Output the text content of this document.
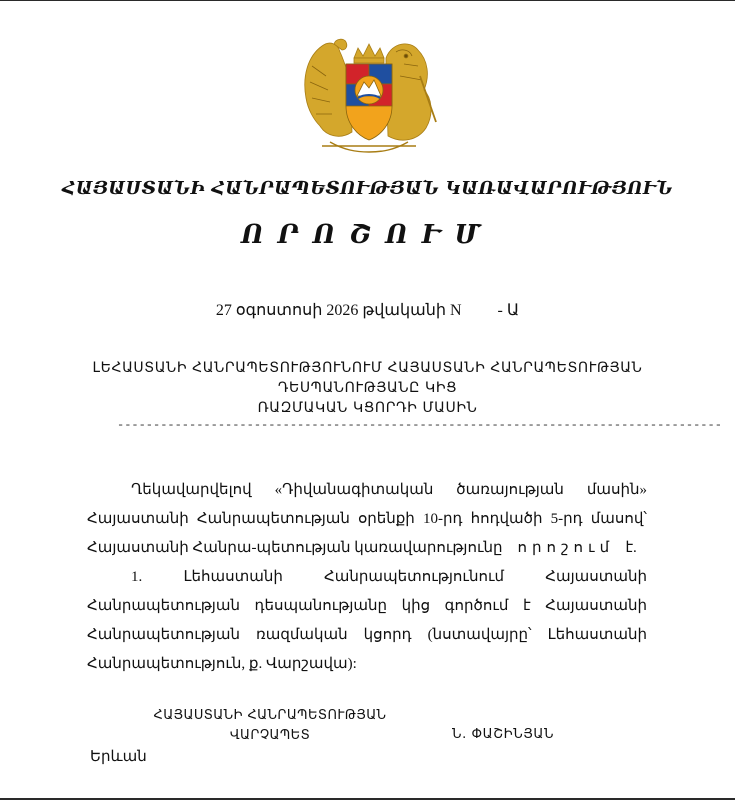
ՀԱՅԱՍՏԱՆԻ ՀԱՆՐԱՊԵՏՈՒԹՅԱՆ ԿԱՌԱՎԱՐՈՒԹՅՈՒՆ
ՈՐՈՇՈՒՄ
27 օգոստոսի 2026 թվականի N - Ա
ԼԵՀԱՍՏԱՆԻ ՀԱՆՐԱՊԵՏՈՒԹՅՈՒՆՈՒՄ ՀԱՅԱՍՏԱՆԻ ՀԱՆՐԱՊԵՏՈՒԹՅԱՆ
ԴԵՍՊԱՆՈՒԹՅԱՆԸ ԿԻՑ
ՌԱԶՄԱԿԱՆ ԿՑՈՐԴԻ ՄԱՍԻՆ
------------------------------------------------------------------------------------

Ղեկավարվելով «Դիվանագիտական ծառայության մասին» Հայաստանի Հանրապետության օրենքի 10-րդ հոդվածի 5-րդ մասով՝ Հայաստանի Հանրա-պետության կառավարությունը որոշում է.

1. Լեհաստանի Հանրապետությունում Հայաստանի Հանրապետության դեսպանությանը կից գործում է Հայաստանի Հանրապետության ռազմական կցորդ (նստավայրը՝ Լեհաստանի Հանրապետություն, ք. Վարշավա):

ՀԱՅԱՍՏԱՆԻ ՀԱՆՐԱՊԵՏՈՒԹՅԱՆ
ՎԱՐՉԱՊԵՏ	Ն. ՓԱՇԻՆՅԱՆ
Երևան
